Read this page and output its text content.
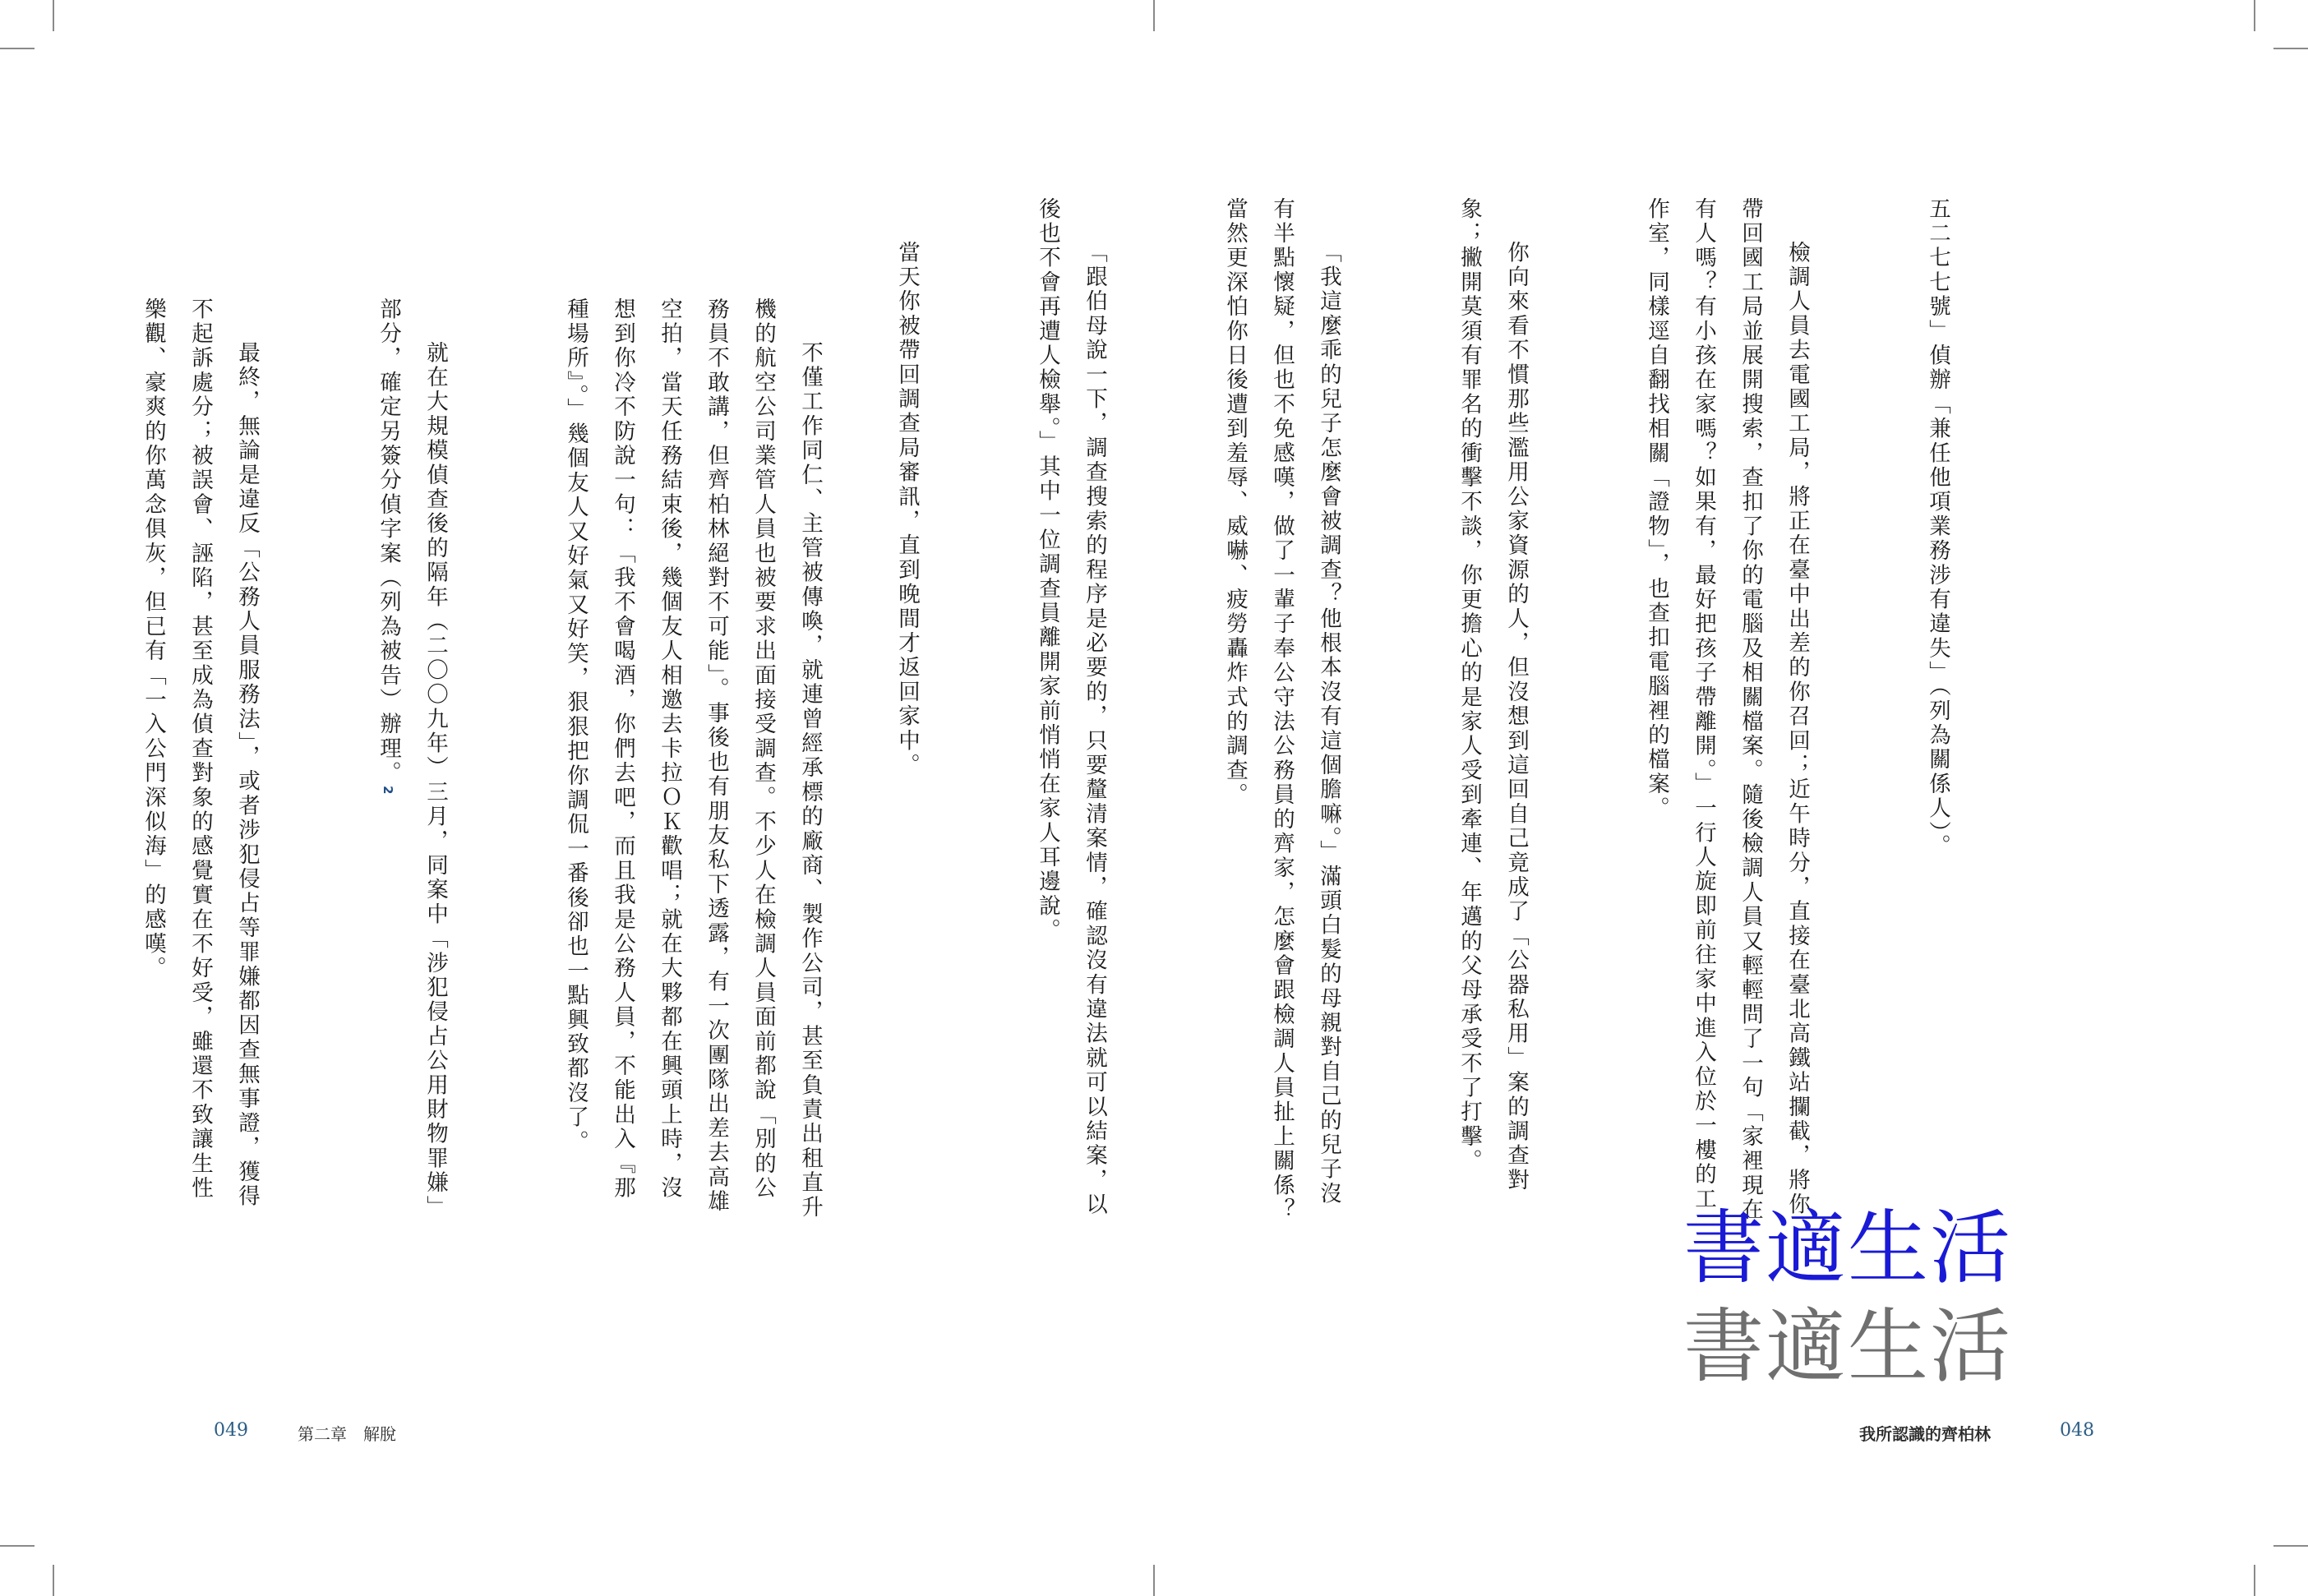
不僅工作同仁、主管被傳喚，就連曾經承標的廠商、製作公司，甚至負責出租直升機的航空公司業管人員也被要求出面接受調查。不少人在檢調人員面前都說「別的公務員不敢講，但齊柏林絕對不可能」。事後也有朋友私下透露，有一次團隊出差去高雄空拍，當天任務結束後，幾個友人相邀去卡拉ＯＫ歡唱；就在大夥都在興頭上時，沒想到你冷不防說一句：「我不會喝酒，你們去吧，而且我是公務人員，不能出入『那種場所』。」幾個友人又好氣又好笑，狠狠把你調侃一番後卻也一點興致都沒了。

就在大規模偵查後的隔年（二〇〇九年）三月，同案中「涉犯侵占公用財物罪嫌」部分，確定另簽分偵字案（列為被告）辦理。2

最終，無論是違反「公務人員服務法」，或者涉犯侵占等罪嫌都因查無事證，獲得不起訴處分；被誤會、誣陷，甚至成為偵查對象的感覺實在不好受，雖還不致讓生性樂觀、豪爽的你萬念俱灰，但已有「一入公門深似海」的感嘆。

049	第二章　解脫

五二七七號」偵辦「兼任他項業務涉有違失」（列為關係人）。

檢調人員去電國工局，將正在臺中出差的你召回；近午時分，直接在臺北高鐵站攔截，將你帶回國工局並展開搜索，查扣了你的電腦及相關檔案。隨後檢調人員又輕輕問了一句「家裡現在有人嗎？有小孩在家嗎？如果有，最好把孩子帶離開。」一行人旋即前往家中進入位於一樓的工作室，同樣逕自翻找相關「證物」，也查扣電腦裡的檔案。

你向來看不慣那些濫用公家資源的人，但沒想到這回自己竟成了「公器私用」案的調查對象；撇開莫須有罪名的衝擊不談，你更擔心的是家人受到牽連、年邁的父母承受不了打擊。

「我這麼乖的兒子怎麼會被調查？他根本沒有這個膽嘛。」滿頭白髮的母親對自己的兒子沒有半點懷疑，但也不免感嘆，做了一輩子奉公守法公務員的齊家，怎麼會跟檢調人員扯上關係？當然更深怕你日後遭到羞辱、威嚇、疲勞轟炸式的調查。

「跟伯母說一下，調查搜索的程序是必要的，只要釐清案情，確認沒有違法就可以結案，以後也不會再遭人檢舉。」其中一位調查員離開家前悄悄在家人耳邊說。

當天你被帶回調查局審訊，直到晚間才返回家中。

我所認識的齊柏林	048
書適生活
書適生活
